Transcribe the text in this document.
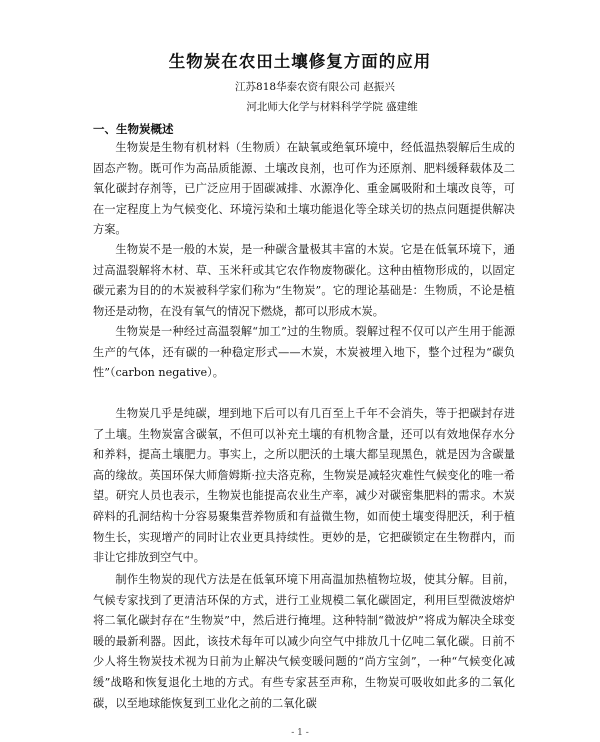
生物炭在农田土壤修复方面的应用
江苏818华泰农资有限公司 赵振兴
河北师大化学与材料科学学院 盛建维
一、生物炭概述

生物炭是生物有机材料（生物质）在缺氧或绝氧环境中，经低温热裂解后生成的固态产物。既可作为高品质能源、土壤改良剂，也可作为还原剂、肥料缓释载体及二氧化碳封存剂等，已广泛应用于固碳减排、水源净化、重金属吸附和土壤改良等，可在一定程度上为气候变化、环境污染和土壤功能退化等全球关切的热点问题提供解决方案。

生物炭不是一般的木炭，是一种碳含量极其丰富的木炭。它是在低氧环境下，通过高温裂解将木材、草、玉米秆或其它农作物废物碳化。这种由植物形成的，以固定碳元素为目的的木炭被科学家们称为“生物炭”。它的理论基础是：生物质，不论是植物还是动物，在没有氧气的情况下燃烧，都可以形成木炭。

生物炭是一种经过高温裂解“加工”过的生物质。裂解过程不仅可以产生用于能源生产的气体，还有碳的一种稳定形式——木炭，木炭被埋入地下，整个过程为“碳负性”（carbon negative）。

生物炭几乎是纯碳，埋到地下后可以有几百至上千年不会消失，等于把碳封存进了土壤。生物炭富含碳氧，不但可以补充土壤的有机物含量，还可以有效地保存水分和养料，提高土壤肥力。事实上，之所以肥沃的土壤大都呈现黑色，就是因为含碳量高的缘故。英国环保大师詹姆斯·拉夫洛克称，生物炭是减轻灾难性气候变化的唯一希望。研究人员也表示，生物炭也能提高农业生产率，减少对碳密集肥料的需求。木炭碎料的孔洞结构十分容易聚集营养物质和有益微生物，如而使土壤变得肥沃，利于植物生长，实现增产的同时让农业更具持续性。更妙的是，它把碳锁定在生物群内，而非让它排放到空气中。

制作生物炭的现代方法是在低氧环境下用高温加热植物垃圾，使其分解。目前，气候专家找到了更清洁环保的方式，进行工业规模二氧化碳固定，利用巨型微波熔炉将二氧化碳封存在“生物炭”中，然后进行掩埋。这种特制“微波炉”将成为解决全球变暖的最新利器。因此，该技术每年可以减少向空气中排放几十亿吨二氧化碳。日前不少人将生物炭技术视为日前为止解决气候变暖问题的“尚方宝剑”，一种“气候变化减缓”战略和恢复退化土地的方式。有些专家甚至声称，生物炭可吸收如此多的二氧化碳，以至地球能恢复到工业化之前的二氧化碳

- 1 -
